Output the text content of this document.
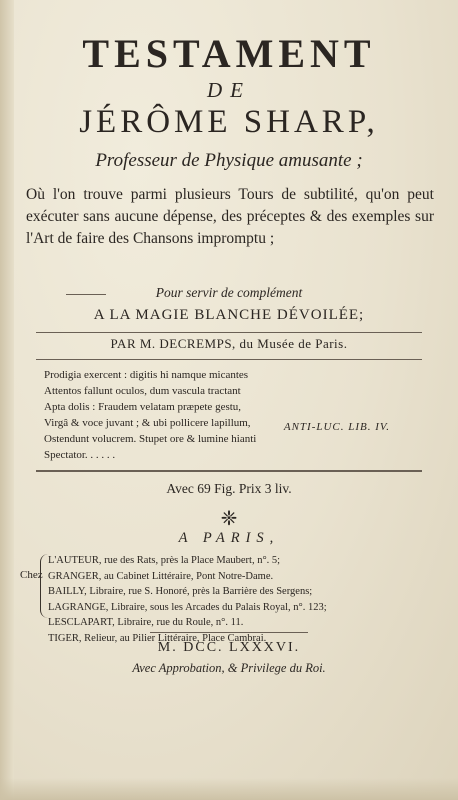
TESTAMENT
DE
JÉRÔME SHARP,
Professeur de Physique amusante ;
Où l'on trouve parmi plusieurs Tours de subtilité, qu'on peut exécuter sans aucune dépense, des préceptes & des exemples sur l'Art de faire des Chansons impromptu ;
Pour servir de complément
A LA MAGIE BLANCHE DÉVOILÉE;
PAR M. DECREMPS, du Musée de Paris.
Prodigia exercent : digitis hi namque micantes
Attentos fallunt oculos, dum vascula tractant
Apta dolis : Fraudem velatam præpete gestu,
Virgâ & voce juvant ; & ubi pollicere lapillum,
Ostendunt volucrem. Stupet ore & lumine hianti
Spectator. . . . . .
ANTI-LUC. LIB. IV.
Avec 69 Fig. Prix 3 liv.
❈
A PARIS,
Chez
L'AUTEUR, rue des Rats, près la Place Maubert, n°. 5;
GRANGER, au Cabinet Littéraire, Pont Notre-Dame.
BAILLY, Libraire, rue S. Honoré, près la Barrière des Sergens;
LAGRANGE, Libraire, sous les Arcades du Palais Royal, n°. 123;
LESCLAPART, Libraire, rue du Roule, n°. 11.
TIGER, Relieur, au Pilier Littéraire, Place Cambrai.
M. DCC. LXXXVI.
Avec Approbation, & Privilege du Roi.
